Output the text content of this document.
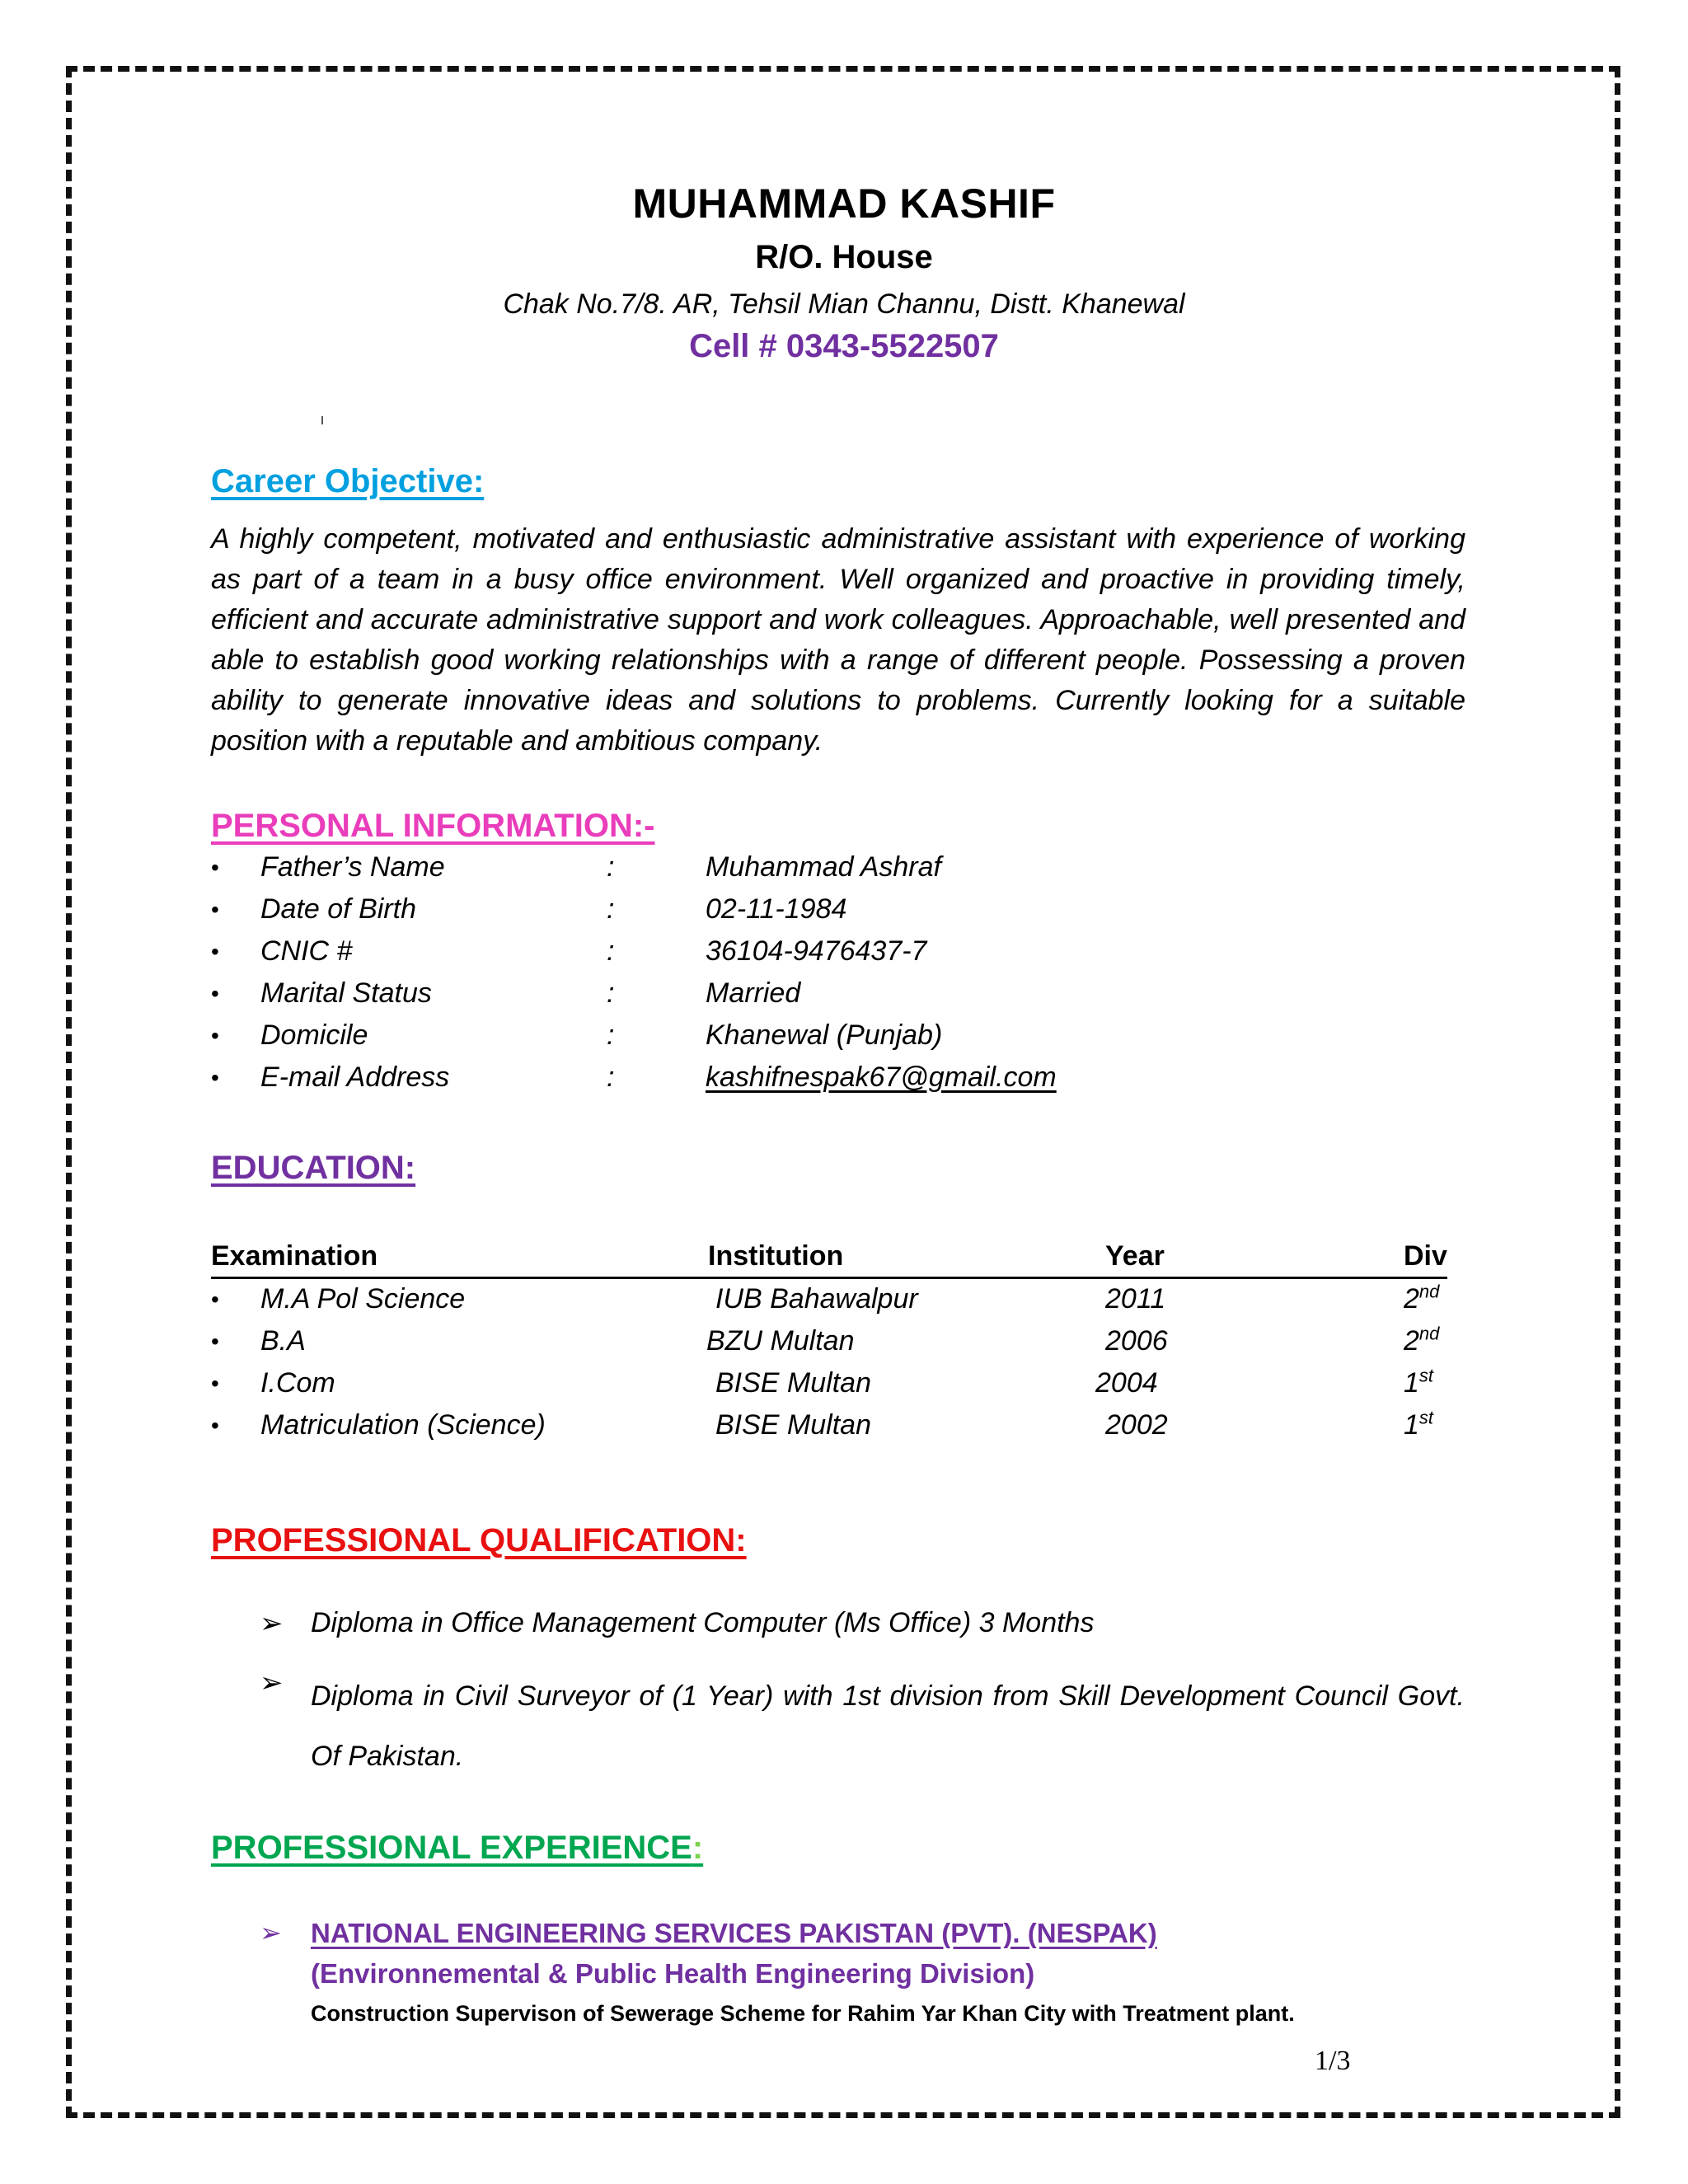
MUHAMMAD KASHIF
R/O. House
Chak No.7/8. AR, Tehsil Mian Channu, Distt. Khanewal
Cell # 0343-5522507
Career Objective:
A highly competent, motivated and enthusiastic administrative assistant with experience of working as part of a team in a busy office environment. Well organized and proactive in providing timely, efficient and accurate administrative support and work colleagues. Approachable, well presented and able to establish good working relationships with a range of different people. Possessing a proven ability to generate innovative ideas and solutions to problems. Currently looking for a suitable position with a reputable and ambitious company.
PERSONAL INFORMATION:-
• Father’s Name	:	Muhammad Ashraf
• Date of Birth	:	02-11-1984
• CNIC #	:	36104-9476437-7
• Marital Status	:	Married
• Domicile	:	Khanewal (Punjab)
• E-mail Address	:	kashifnespak67@gmail.com
EDUCATION:
Examination	Institution	Year	Div
• M.A Pol Science	IUB Bahawalpur	2011	2nd
• B.A	BZU Multan	2006	2nd
• I.Com	BISE Multan	2004	1st
• Matriculation (Science)	BISE Multan	2002	1st
PROFESSIONAL QUALIFICATION:
➢ Diploma in Office Management Computer (Ms Office) 3 Months
➢ Diploma in Civil Surveyor of (1 Year) with 1st division from Skill Development Council Govt. Of Pakistan.
PROFESSIONAL EXPERIENCE:
➢ NATIONAL ENGINEERING SERVICES PAKISTAN (PVT). (NESPAK)
(Environnemental & Public Health Engineering Division)
Construction Supervison of Sewerage Scheme for Rahim Yar Khan City with Treatment plant.
1/3
